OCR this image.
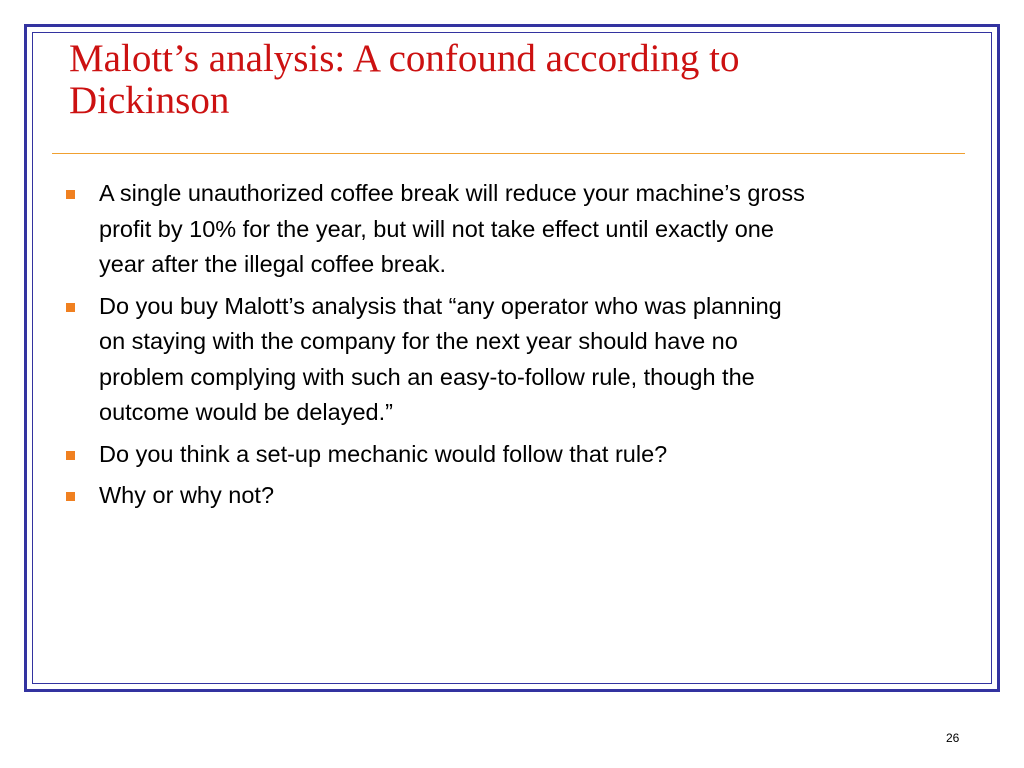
Malott’s analysis: A confound according to
Dickinson
A single unauthorized coffee break will reduce your machine’s gross
profit by 10% for the year, but will not take effect until exactly one
year after the illegal coffee break.
Do you buy Malott’s analysis that “any operator who was planning
on staying with the company for the next year should have no
problem complying with such an easy-to-follow rule, though the
outcome would be delayed.”
Do you think a set-up mechanic would follow that rule?
Why or why not?
26
